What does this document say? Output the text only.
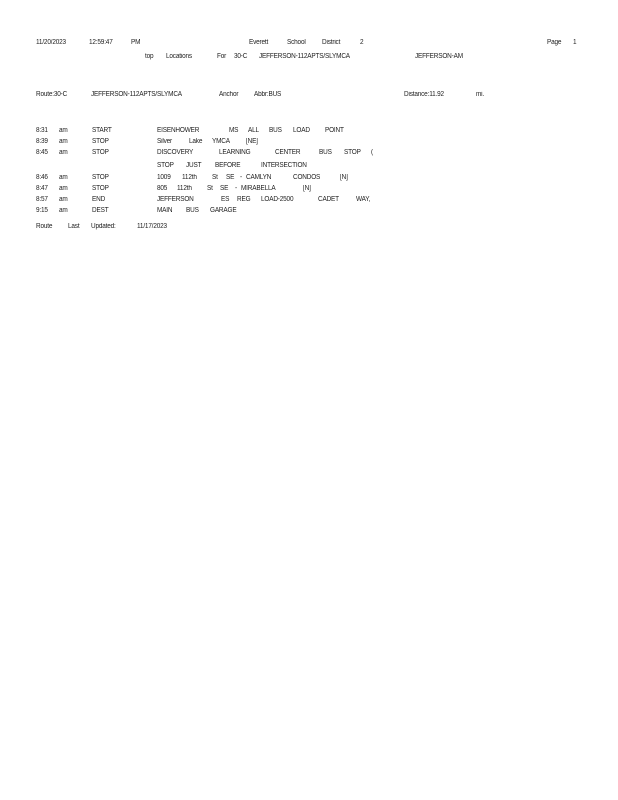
11/20/2023	12:59:47	PM	Everett	School District	2	Page 1
top Locations	For 30-C JEFFERSON-112APTS/SLYMCA	JEFFERSON-AM
Route:30-C	JEFFERSON-112APTS/SLYMCA	Anchor Abbr:BUS	Distance:11.92	mi.
8:31 am	START	EISENHOWER	MS ALL BUS LOAD POINT
8:39 am	STOP	Silver Lake YMCA [NE]
8:45 am	STOP	DISCOVERY	LEARNING	CENTER	BUS STOP (
STOP JUST BEFORE	INTERSECTION
8:46 am	STOP	1009 112th St SE - CAMLYN	CONDOS	[N]
8:47 am	STOP	805 112th St SE - MIRABELLA	[N]
8:57 am	END	JEFFERSON	ES REG LOAD-2500	CADET WAY,
9:15 am	DEST	MAIN BUS GARAGE
Route Last Updated:	11/17/2023
